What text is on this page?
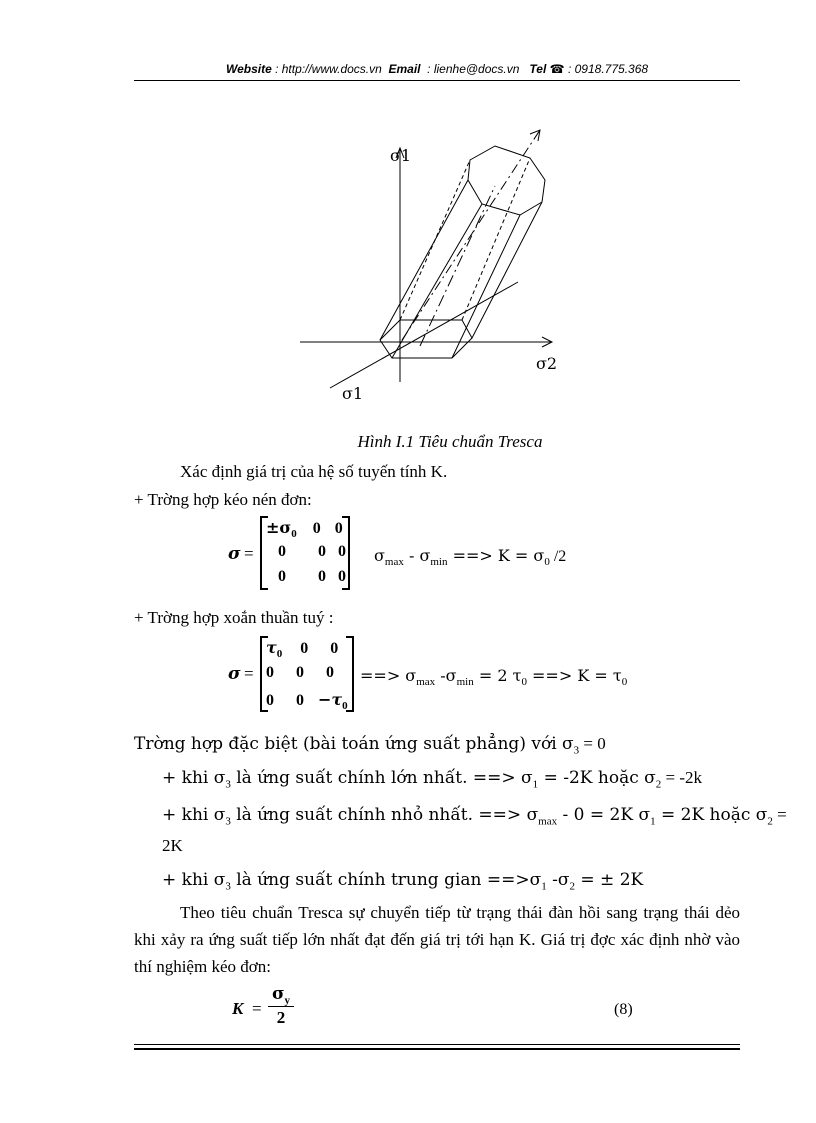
Website : http://www.docs.vn Email : lienhe@docs.vn Tel ☎ : 0918.775.368
σ1
σ2
σ1
Hình I.1 Tiêu chuẩn Tresca
Xác định giá trị của hệ số tuyến tính K.
+ Trờng hợp kéo nén đơn:
σ =
$\pm\sigma_0$ 0 0
0 0 0
0 0 0
$\sigma_{max} - \sigma_{min}$ ==> $K = \sigma_0$ /2
+ Trờng hợp xoắn thuần tuý :
σ =
$\tau_0$ 0 0
0 0 0
0 $0 -\tau_0$
==> $\sigma_{max}$ $-\sigma_{min} = 2$ $\tau_0$ ==> $K = \tau_0$
Trờng hợp đặc biệt (bài toán ứng suất phẳng) với $\sigma_3 = 0$
+ khi $\sigma_3$ là ứng suất chính lớn nhất. ==> $\sigma_1 = -2K$ hoặc $\sigma_2 = -2k$
+ khi $\sigma_3$ là ứng suất chính nhỏ nhất. ==> $\sigma_{max} - 0 = 2K$ $\sigma_1 = 2K$ hoặc $\sigma_2$ =
2K
+ khi $\sigma_3$ là ứng suất chính trung gian $==>\sigma_1$ $-\sigma_2$ = ± 2K
Theo tiêu chuẩn Tresca sự chuyển tiếp từ trạng thái đàn hồi sang trạng thái dẻo khi xảy ra ứng suất tiếp lớn nhất đạt đến giá trị tới hạn K. Giá trị đợc xác định nhờ vào thí nghiệm kéo đơn:
K =
$\sigma_y$
2	(8)
